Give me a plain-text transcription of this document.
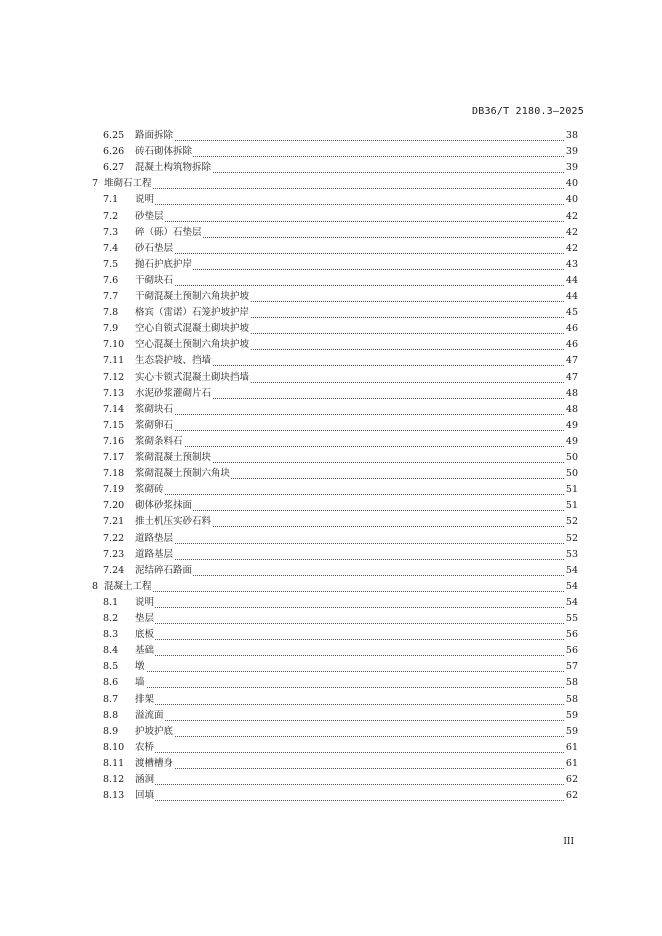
DB36/T 2180.3—2025
6.25 路面拆除	38
6.26 砖石砌体拆除	39
6.27 混凝土构筑物拆除	39
7 堆砌石工程	40
7.1 说明	40
7.2 砂垫层	42
7.3 碎（砾）石垫层	42
7.4 砂石垫层	42
7.5 抛石护底护岸	43
7.6 干砌块石	44
7.7 干砌混凝土预制六角块护坡	44
7.8 格宾（雷诺）石笼护坡护岸	45
7.9 空心自锁式混凝土砌块护坡	46
7.10 空心混凝土预制六角块护坡	46
7.11 生态袋护坡、挡墙	47
7.12 实心卡锁式混凝土砌块挡墙	47
7.13 水泥砂浆灌砌片石	48
7.14 浆砌块石	48
7.15 浆砌卵石	49
7.16 浆砌条料石	49
7.17 浆砌混凝土预制块	50
7.18 浆砌混凝土预制六角块	50
7.19 浆砌砖	51
7.20 砌体砂浆抹面	51
7.21 推土机压实砂石料	52
7.22 道路垫层	52
7.23 道路基层	53
7.24 泥结碎石路面	54
8 混凝土工程	54
8.1 说明	54
8.2 垫层	55
8.3 底板	56
8.4 基础	56
8.5 墩	57
8.6 墙	58
8.7 排架	58
8.8 溢流面	59
8.9 护坡护底	59
8.10 农桥	61
8.11 渡槽槽身	61
8.12 涵洞	62
8.13 回填	62
III
